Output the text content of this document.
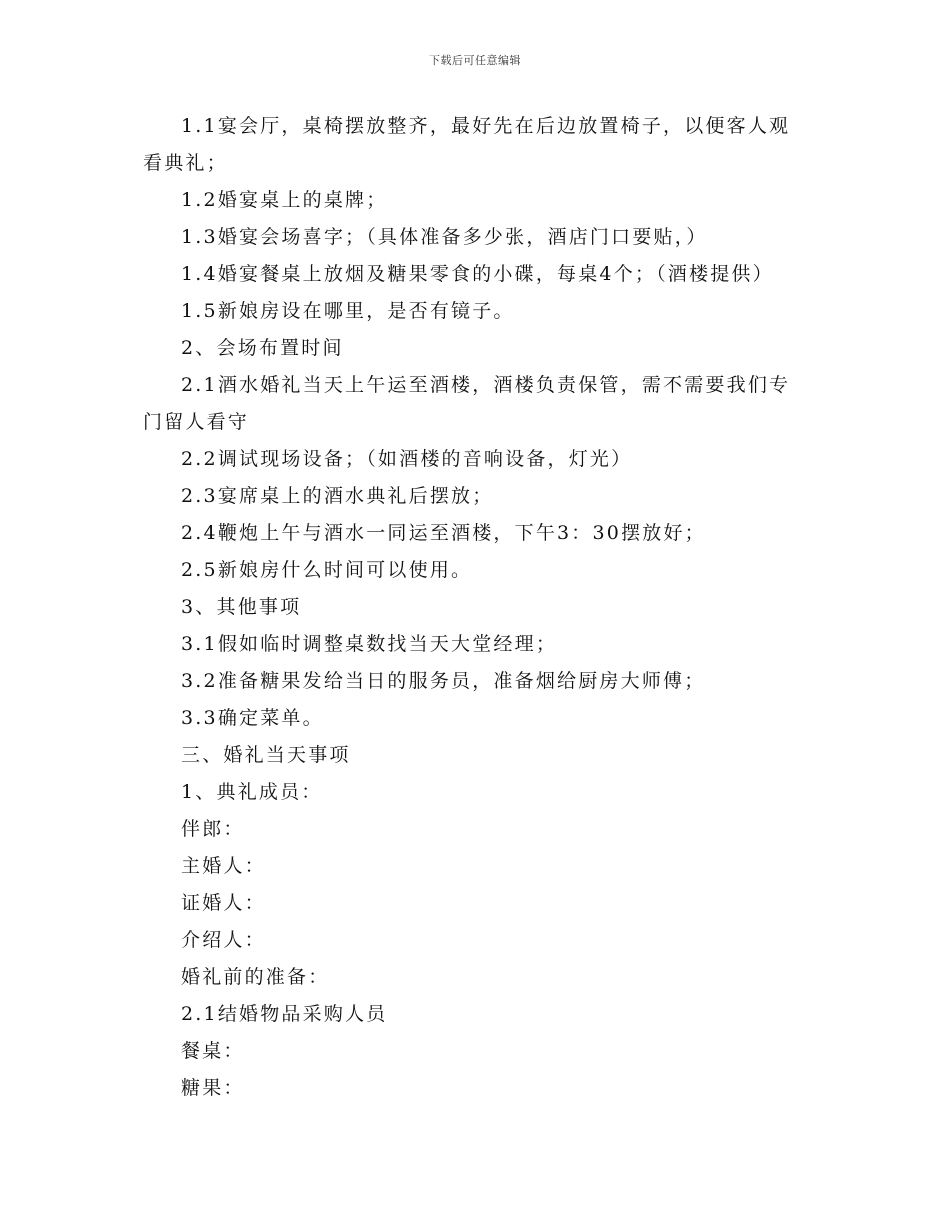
下载后可任意编辑

1.1宴会厅，桌椅摆放整齐，最好先在后边放置椅子，以便客人观看典礼；

1.2婚宴桌上的桌牌；

1.3婚宴会场喜字；（具体准备多少张，酒店门口要贴，）

1.4婚宴餐桌上放烟及糖果零食的小碟，每桌4个；（酒楼提供）

1.5新娘房设在哪里，是否有镜子。

2、会场布置时间

2.1酒水婚礼当天上午运至酒楼，酒楼负责保管，需不需要我们专门留人看守

2.2调试现场设备；（如酒楼的音响设备，灯光）

2.3宴席桌上的酒水典礼后摆放；

2.4鞭炮上午与酒水一同运至酒楼，下午3：30摆放好；

2.5新娘房什么时间可以使用。

3、其他事项

3.1假如临时调整桌数找当天大堂经理；

3.2准备糖果发给当日的服务员，准备烟给厨房大师傅；

3.3确定菜单。

三、婚礼当天事项

1、典礼成员：

伴郎：

主婚人：

证婚人：

介绍人：

婚礼前的准备：

2.1结婚物品采购人员

餐桌：

糖果：
